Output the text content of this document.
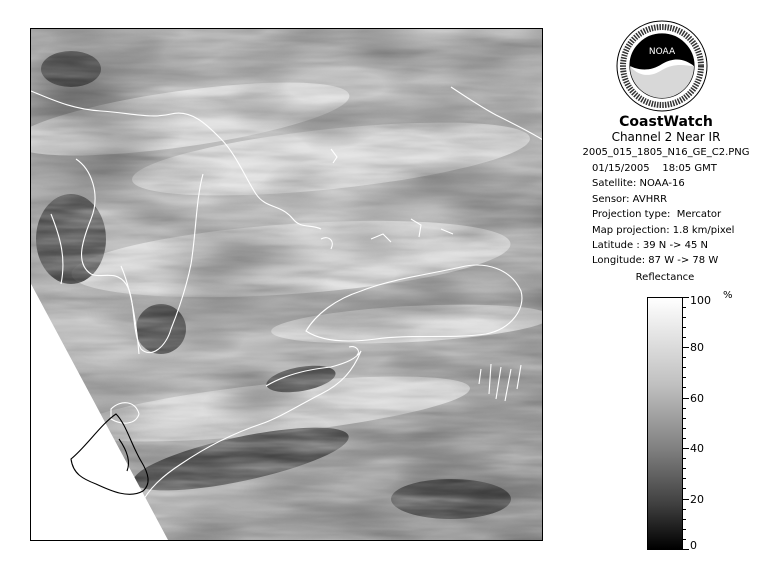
NOAA
CoastWatch
Channel 2 Near IR
2005_015_1805_N16_GE_C2.PNG
01/15/2005    18:05 GMT
Satellite: NOAA-16
Sensor: AVHRR
Projection type:  Mercator
Map projection: 1.8 km/pixel
Latitude : 39 N -> 45 N
Longitude: 87 W -> 78 W
Reflectance
%
100
80
60
40
20
0
